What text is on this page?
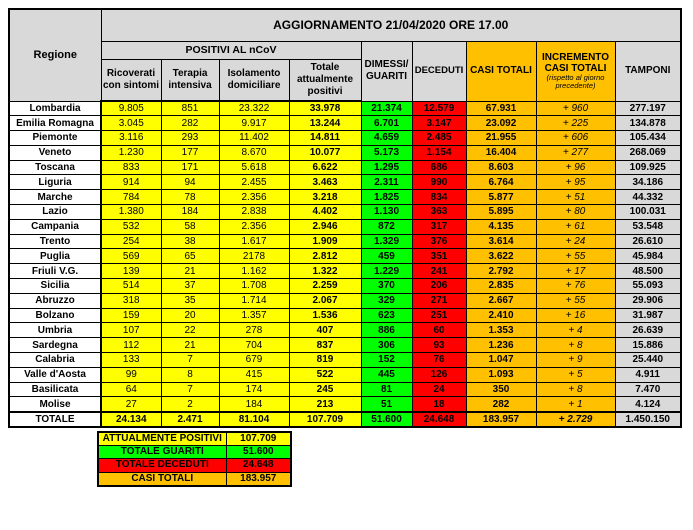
Regione	AGGIORNAMENTO 21/04/2020 ORE 17.00								
	POSITIVI AL nCoV				DIMESSI/ GUARITI	DECEDUTI	CASI TOTALI	INCREMENTO
CASI TOTALI
(rispetto al giorno
precedente)	TAMPONI
	Ricoverati con sintomi	Terapia intensiva	Isolamento domiciliare	Totale attualmente positivi					
Lombardia	9.805	851	23.322	33.978	21.374	12.579	67.931	+ 960	277.197
Emilia Romagna	3.045	282	9.917	13.244	6.701	3.147	23.092	+ 225	134.878
Piemonte	3.116	293	11.402	14.811	4.659	2.485	21.955	+ 606	105.434
Veneto	1.230	177	8.670	10.077	5.173	1.154	16.404	+ 277	268.069
Toscana	833	171	5.618	6.622	1.295	686	8.603	+ 96	109.925
Liguria	914	94	2.455	3.463	2.311	990	6.764	+ 95	34.186
Marche	784	78	2.356	3.218	1.825	834	5.877	+ 51	44.332
Lazio	1.380	184	2.838	4.402	1.130	363	5.895	+ 80	100.031
Campania	532	58	2.356	2.946	872	317	4.135	+ 61	53.548
Trento	254	38	1.617	1.909	1.329	376	3.614	+ 24	26.610
Puglia	569	65	2178	2.812	459	351	3.622	+ 55	45.984
Friuli V.G.	139	21	1.162	1.322	1.229	241	2.792	+ 17	48.500
Sicilia	514	37	1.708	2.259	370	206	2.835	+ 76	55.093
Abruzzo	318	35	1.714	2.067	329	271	2.667	+ 55	29.906
Bolzano	159	20	1.357	1.536	623	251	2.410	+ 16	31.987
Umbria	107	22	278	407	886	60	1.353	+ 4	26.639
Sardegna	112	21	704	837	306	93	1.236	+ 8	15.886
Calabria	133	7	679	819	152	76	1.047	+ 9	25.440
Valle d'Aosta	99	8	415	522	445	126	1.093	+ 5	4.911
Basilicata	64	7	174	245	81	24	350	+ 8	7.470
Molise	27	2	184	213	51	18	282	+ 1	4.124
TOTALE	24.134	2.471	81.104	107.709	51.600	24.648	183.957	+ 2.729	1.450.150
ATTUALMENTE POSITIVI	107.709
TOTALE GUARITI	51.600
TOTALE DECEDUTI	24.648
CASI TOTALI	183.957
